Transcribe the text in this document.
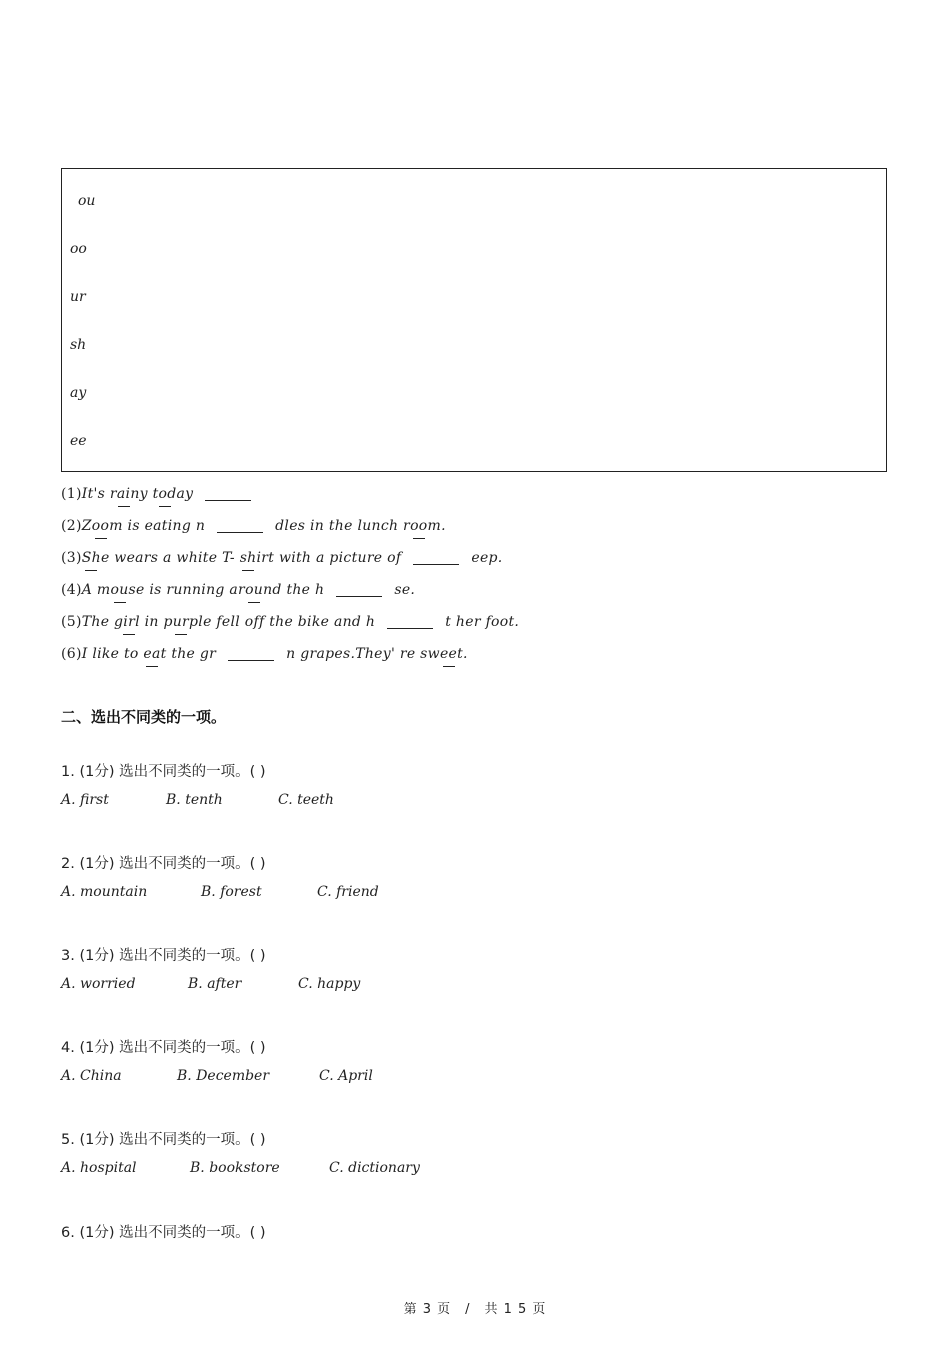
ou
oo
ur
sh
ay
ee
(1)It's rainy today
(2)Zoom is eating n	dles in the lunch room.
(3)She wears a white T- shirt with a picture of	eep.
(4)A mouse is running around the h	se.
(5)The girl in purple fell off the bike and h	t her foot.
(6)I like to eat the gr	n grapes.They' re sweet.
二、选出不同类的一项。
1. (1分) 选出不同类的一项。( )
A. first	B. tenth	C. teeth
2. (1分) 选出不同类的一项。( )
A. mountain	B. forest	C. friend
3. (1分) 选出不同类的一项。( )
A. worried	B. after	C. happy
4. (1分) 选出不同类的一项。( )
A. China	B. December	C. April
5. (1分) 选出不同类的一项。( )
A. hospital	B. bookstore	C. dictionary
6. (1分) 选出不同类的一项。( )
第 3 页　/　共 1 5 页
